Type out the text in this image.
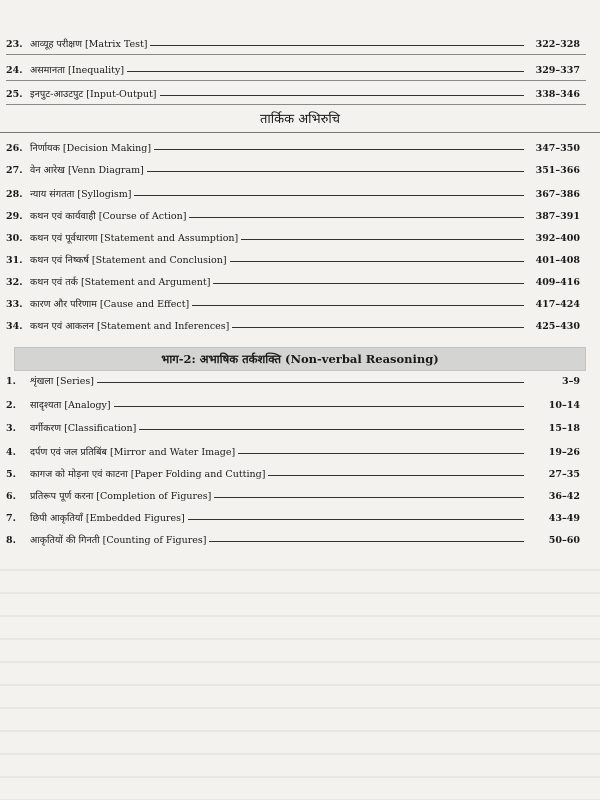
23. आव्यूह परीक्षण [Matrix Test]	322–328
24. असमानता [Inequality]	329–337
25. इनपुट-आउटपुट [Input-Output]	338–346
तार्किक अभिरुचि
26. निर्णायक [Decision Making]	347–350
27. वेन आरेख [Venn Diagram]	351–366
28. न्याय संगतता [Syllogism]	367–386
29. कथन एवं कार्यवाही [Course of Action]	387–391
30. कथन एवं पूर्वधारणा [Statement and Assumption]	392–400
31. कथन एवं निष्कर्ष [Statement and Conclusion]	401–408
32. कथन एवं तर्क [Statement and Argument]	409–416
33. कारण और परिणाम [Cause and Effect]	417–424
34. कथन एवं आकलन [Statement and Inferences]	425–430
भाग-2: अभाषिक तर्कशक्ति (Non-verbal Reasoning)
1.	शृंखला [Series]	3–9
2.	सादृश्यता [Analogy]	10–14
3.	वर्गीकरण [Classification]	15–18
4.	दर्पण एवं जल प्रतिबिंब [Mirror and Water Image]	19–26
5.	कागज को मोड़ना एवं काटना [Paper Folding and Cutting]	27–35
6.	प्रतिरूप पूर्ण करना [Completion of Figures]	36–42
7.	छिपी आकृतियाँ [Embedded Figures]	43–49
8.	आकृतियों की गिनती [Counting of Figures]	50–60
